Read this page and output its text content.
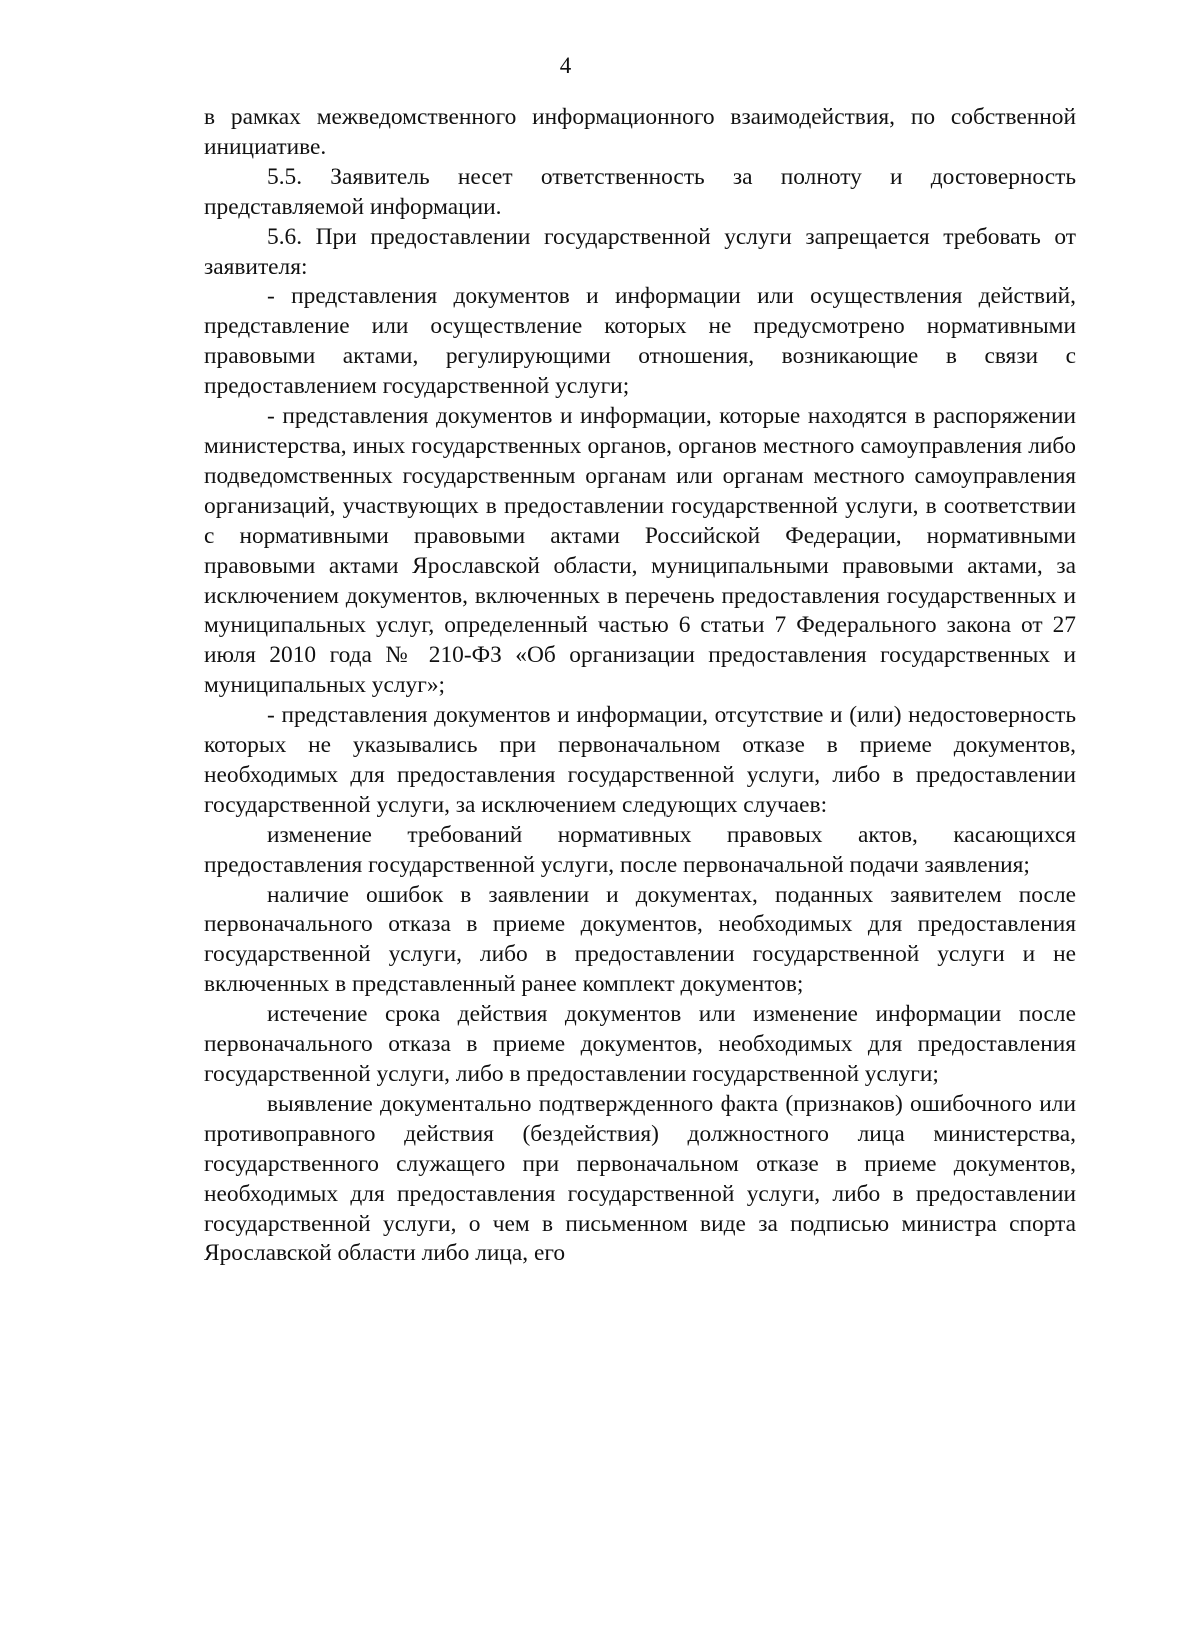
4

в рамках межведомственного информационного взаимодействия, по собственной инициативе.

5.5. Заявитель несет ответственность за полноту и достоверность представляемой информации.

5.6. При предоставлении государственной услуги запрещается требовать от заявителя:

- представления документов и информации или осуществления действий, представление или осуществление которых не предусмотрено нормативными правовыми актами, регулирующими отношения, возникающие в связи с предоставлением государственной услуги;

- представления документов и информации, которые находятся в распоряжении министерства, иных государственных органов, органов местного самоуправления либо подведомственных государственным органам или органам местного самоуправления организаций, участвующих в предоставлении государственной услуги, в соответствии с нормативными правовыми актами Российской Федерации, нормативными правовыми актами Ярославской области, муниципальными правовыми актами, за исключением документов, включенных в перечень предоставления государственных и муниципальных услуг, определенный частью 6 статьи 7 Федерального закона от 27 июля 2010 года № 210-ФЗ «Об организации предоставления государственных и муниципальных услуг»;

- представления документов и информации, отсутствие и (или) недостоверность которых не указывались при первоначальном отказе в приеме документов, необходимых для предоставления государственной услуги, либо в предоставлении государственной услуги, за исключением следующих случаев:

изменение требований нормативных правовых актов, касающихся предоставления государственной услуги, после первоначальной подачи заявления;

наличие ошибок в заявлении и документах, поданных заявителем после первоначального отказа в приеме документов, необходимых для предоставления государственной услуги, либо в предоставлении государственной услуги и не включенных в представленный ранее комплект документов;

истечение срока действия документов или изменение информации после первоначального отказа в приеме документов, необходимых для предоставления государственной услуги, либо в предоставлении государственной услуги;

выявление документально подтвержденного факта (признаков) ошибочного или противоправного действия (бездействия) должностного лица министерства, государственного служащего при первоначальном отказе в приеме документов, необходимых для предоставления государственной услуги, либо в предоставлении государственной услуги, о чем в письменном виде за подписью министра спорта Ярославской области либо лица, его
